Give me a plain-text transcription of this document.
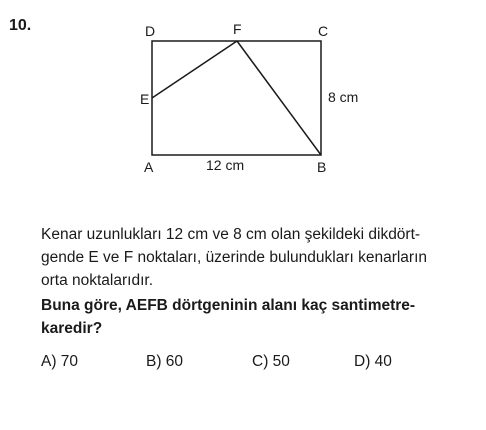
10.	D	F	C
E
A	B
12 cm
8 cm
Kenar uzunlukları 12 cm ve 8 cm olan şekildeki dikdört-
gende E ve F noktaları, üzerinde bulundukları kenarların
orta noktalarıdır.
Buna göre, AEFB dörtgeninin alanı kaç santimetre-
karedir?
A) 70	B) 60	C) 50	D) 40
